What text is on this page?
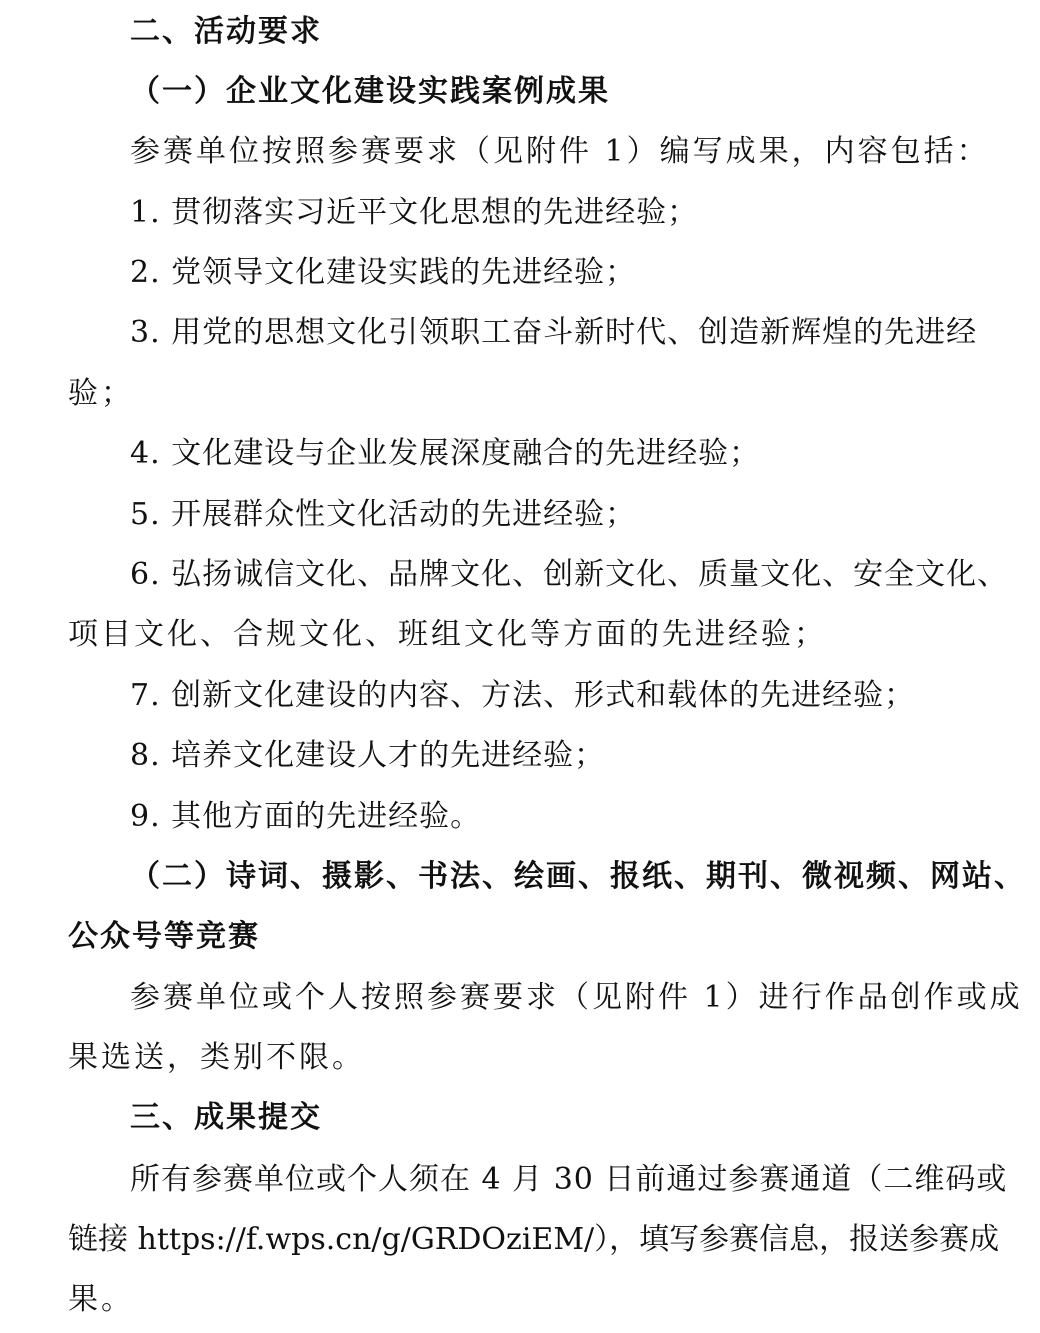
二、活动要求
（一）企业文化建设实践案例成果
参赛单位按照参赛要求（见附件 1）编写成果，内容包括：
1. 贯彻落实习近平文化思想的先进经验；
2. 党领导文化建设实践的先进经验；
3. 用党的思想文化引领职工奋斗新时代、创造新辉煌的先进经
验；
4. 文化建设与企业发展深度融合的先进经验；
5. 开展群众性文化活动的先进经验；
6. 弘扬诚信文化、品牌文化、创新文化、质量文化、安全文化、
项目文化、合规文化、班组文化等方面的先进经验；
7. 创新文化建设的内容、方法、形式和载体的先进经验；
8. 培养文化建设人才的先进经验；
9. 其他方面的先进经验。
（二）诗词、摄影、书法、绘画、报纸、期刊、微视频、网站、
公众号等竞赛
参赛单位或个人按照参赛要求（见附件 1）进行作品创作或成
果选送，类别不限。
三、成果提交
所有参赛单位或个人须在 4 月 30 日前通过参赛通道（二维码或
链接 https://f.wps.cn/g/GRDOziEM/），填写参赛信息，报送参赛成
果。
